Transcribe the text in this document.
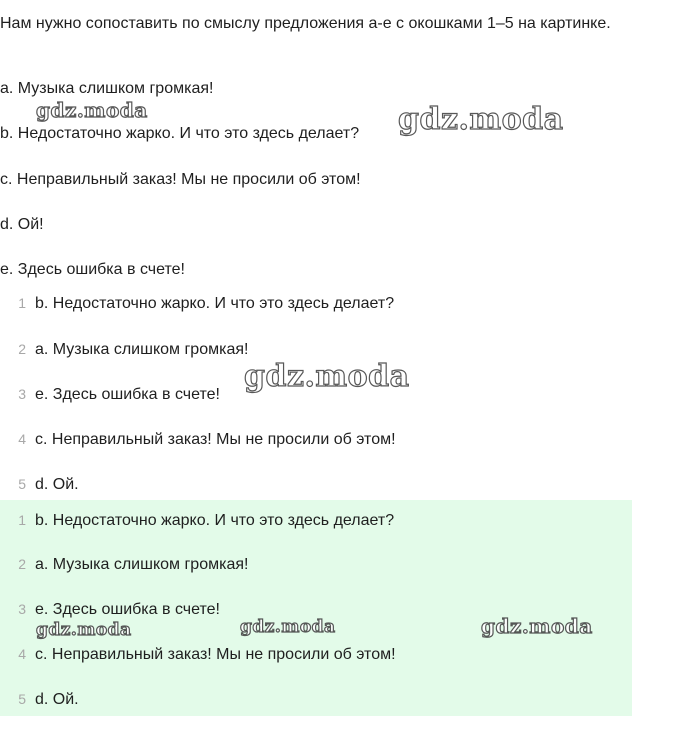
Нам нужно сопоставить по смыслу предложения а-е с окошками 1–5 на картинке.

a. Музыка слишком громкая!

b. Недостаточно жарко. И что это здесь делает?

c. Неправильный заказ! Мы не просили об этом!

d. Ой!

e. Здесь ошибка в счете!

1 b. Недостаточно жарко. И что это здесь делает?
2 a. Музыка слишком громкая!
3 e. Здесь ошибка в счете!
4 c. Неправильный заказ! Мы не просили об этом!
5 d. Ой.
1 b. Недостаточно жарко. И что это здесь делает?
2 a. Музыка слишком громкая!
3 e. Здесь ошибка в счете!
4 c. Неправильный заказ! Мы не просили об этом!
5 d. Ой.
gdz.moda	gdz.moda
gdz.moda
gdz.moda	gdz.moda	gdz.moda
